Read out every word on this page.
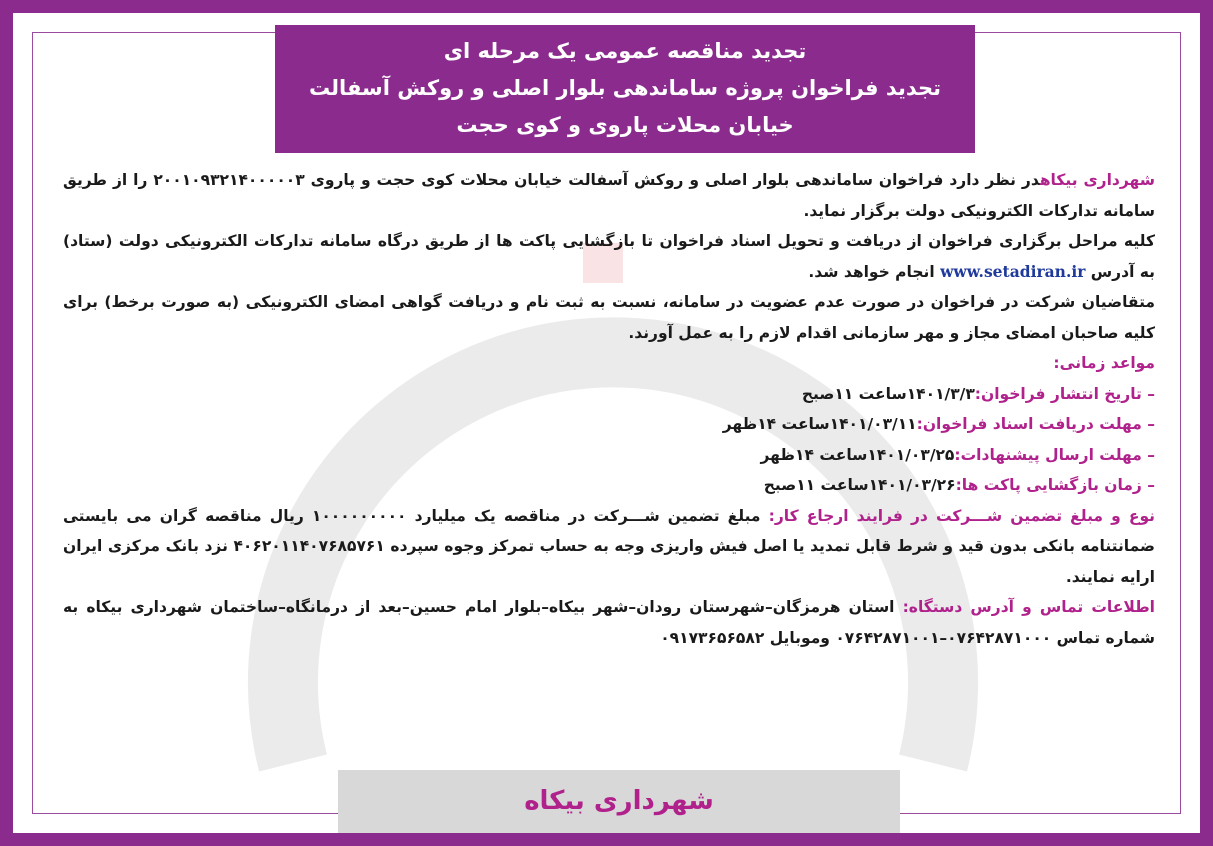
تجدید مناقصه عمومی یک مرحله ای
تجدید فراخوان پروژه ساماندهی بلوار اصلی و روکش آسفالت
خیابان محلات پاروی و کوی حجت

شهرداری بیکاهدر نظر دارد فراخوان ساماندهی بلوار اصلی و روکش آسفالت خیابان محلات کوی حجت و پاروی ۲۰۰۱۰۹۳۲۱۴۰۰۰۰۰۳ را از طریق سامانه تدارکات الکترونیکی دولت برگزار نماید.

کلیه مراحل برگزاری فراخوان از دریافت و تحویل اسناد فراخوان تا بازگشایی پاکت ها از طریق درگاه سامانه تدارکات الکترونیکی دولت (ستاد) به آدرس www.setadiran.ir انجام خواهد شد.

متقاضیان شرکت در فراخوان در صورت عدم عضویت در سامانه، نسبت به ثبت نام و دریافت گواهی امضای الکترونیکی (به صورت برخط) برای کلیه صاحبان امضای مجاز و مهر سازمانی اقدام لازم را به عمل آورند.

مواعد زمانی:

– تاریخ انتشار فراخوان:۱۴۰۱/۳/۳ساعت ۱۱صبح

– مهلت دریافت اسناد فراخوان:۱۴۰۱/۰۳/۱۱ساعت ۱۴ظهر

– مهلت ارسال پیشنهادات:۱۴۰۱/۰۳/۲۵ساعت ۱۴ظهر

– زمان بازگشایی پاکت ها:۱۴۰۱/۰۳/۲۶ساعت ۱۱صبح

نوع و مبلغ تضمین شـــرکت در فرایند ارجاع کار: مبلغ تضمین شـــرکت در مناقصه یک میلیارد ۱۰۰۰۰۰۰۰۰۰ ریال مناقصه گران می بایستی ضمانتنامه بانکی بدون قید و شرط قابل تمدید یا اصل فیش واریزی وجه به حساب تمرکز وجوه سپرده ۴۰۶۲۰۱۱۴۰۷۶۸۵۷۶۱ نزد بانک مرکزی ایران ارایه نمایند.

اطلاعات تماس و آدرس دستگاه: استان هرمزگان–شهرستان رودان–شهر بیکاه–بلوار امام حسین–بعد از درمانگاه–ساختمان شهرداری بیکاه به شماره تماس ۰۷۶۴۲۸۷۱۰۰۰–۰۷۶۴۲۸۷۱۰۰۱ وموبایل ۰۹۱۷۳۶۵۶۵۸۲

شهرداری بیکاه
